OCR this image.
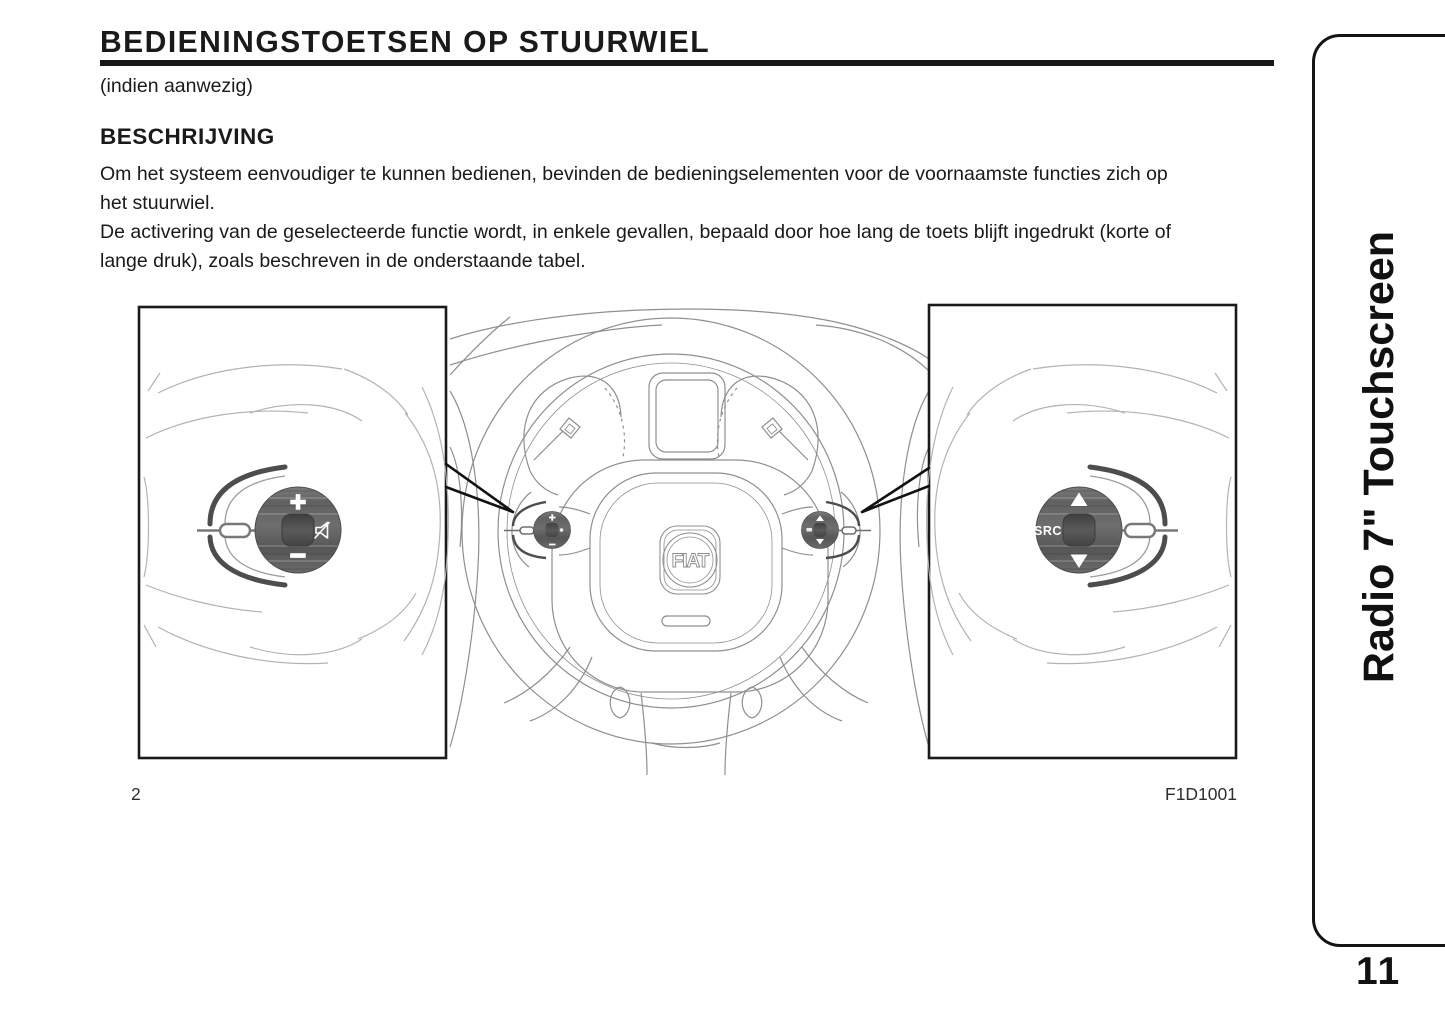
BEDIENINGSTOETSEN OP STUURWIEL
(indien aanwezig)
BESCHRIJVING
Om het systeem eenvoudiger te kunnen bedienen, bevinden de bedieningselementen voor de voornaamste functies zich op
het stuurwiel.
De activering van de geselecteerde functie wordt, in enkele gevallen, bepaald door hoe lang de toets blijft ingedrukt (korte of
lange druk), zoals beschreven in de onderstaande tabel.
FIAT
+
−
SRC
2	F1D1001
Radio 7" Touchscreen
11
